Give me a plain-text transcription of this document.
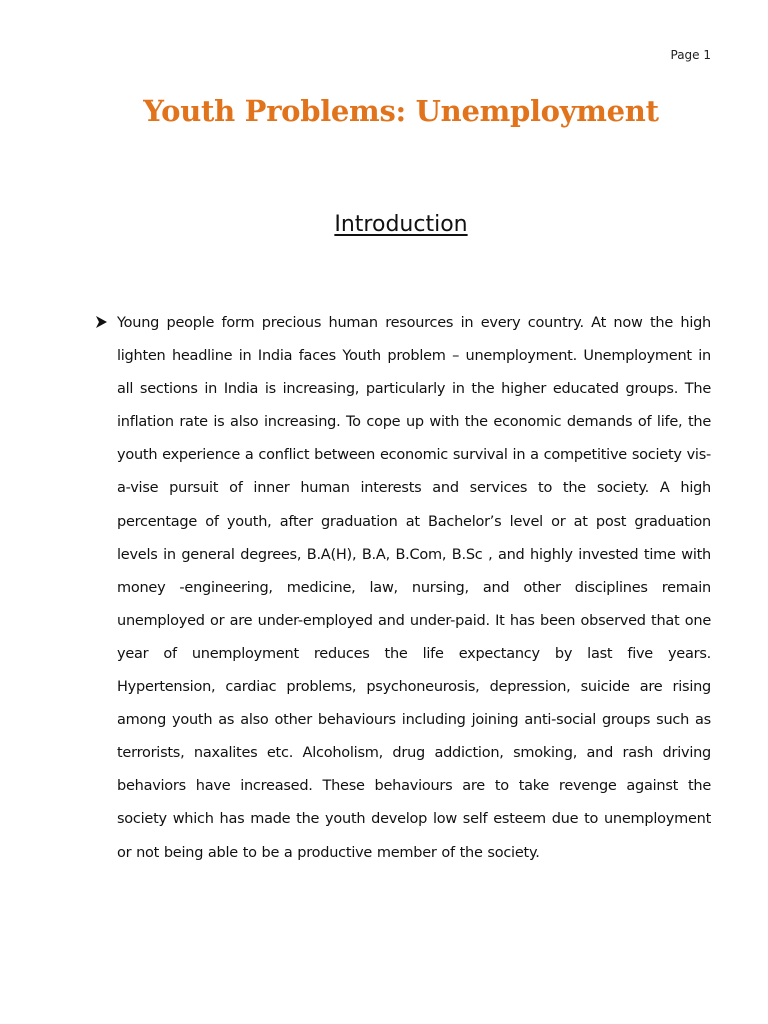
Page 1
Youth Problems: Unemployment
Introduction

Young people form precious human resources in every country. At now the high lighten headline in India faces Youth problem – unemployment. Unemployment in all sections in India is increasing, particularly in the higher educated groups. The inflation rate is also increasing. To cope up with the economic demands of life, the youth experience a conflict between economic survival in a competitive society vis-a-vise pursuit of inner human interests and services to the society. A high percentage of youth, after graduation at Bachelor’s level or at post graduation levels in general degrees, B.A(H), B.A, B.Com, B.Sc , and highly invested time with money -engineering, medicine, law, nursing, and other disciplines remain unemployed or are under-employed and under-paid. It has been observed that one year of unemployment reduces the life expectancy by last five years. Hypertension, cardiac problems, psychoneurosis, depression, suicide are rising among youth as also other behaviours including joining anti-social groups such as terrorists, naxalites etc. Alcoholism, drug addiction, smoking, and rash driving behaviors have increased. These behaviours are to take revenge against the society which has made the youth develop low self esteem due to unemployment or not being able to be a productive member of the society.
